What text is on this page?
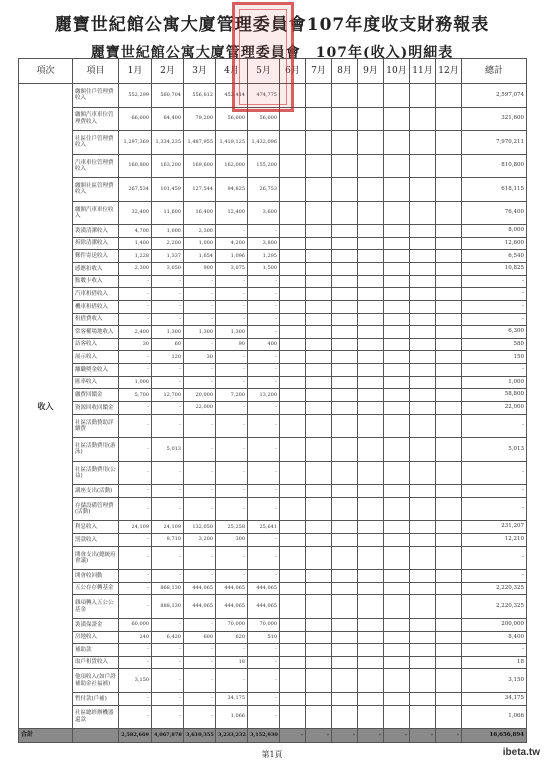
麗寶世紀館公寓大廈管理委員會107年度收支財務報表
麗寶世紀館公寓大廈管理委員會　107年(收入)明細表
項次	項目	1月	2月	3月	4月	5月	6月	7月	8月	9月	10月	11月	12月	總計
收入	繳額住戶管理費收入	552,299	560,704	556,812	452,414	474,775								2,597,074
	繳額汽車車位管理費收入	66,000	64,400	79,200	56,000	56,000								321,600
	社區住戶管理費收入	1,297,369	1,334,235	1,487,955	1,419,125	1,432,096								7,970,211
	汽車車位管理費收入	160,800	163,200	169,600	162,000	155,200								810,800
	繳額社區管理費收入	267,534	101,459	127,544	94,825	26,753								618,115
	繳額汽車車位收入	32,400	11,600	16,400	12,400	3,600								76,400
	裝潢清潔收入	4,700	1,000	2,300	-	-								8,000
	拆除清潔收入	1,400	2,200	1,000	4,200	3,800								12,600
	郵件寄送收入	1,228	1,337	1,654	1,096	1,295								6,540
	感應扣收入	2,300	3,050	900	3,075	1,500								10,825
	點數卡收入	-	-	-	-	-								-
	汽車租借收入	-	-	-	-	-								-
	機車租借收入	-	-	-	-	-								-
	租借費收入	-	-	-	-	-								-
	常客權場地收入	2,400	1,300	1,300	1,300	-								6,300
	訪客收入	30	60	-	90	400								580
	展示收入	-	120	30	-	-								150
	離職獎金收入	-	-	-	-	-								-
	匯率收入	1,000	-	-	-	-								1,000
	繳費回饋金	5,700	12,700	20,000	7,200	13,200								58,800
	資源回收回饋金	-	-	22,000	-	-								22,000
	社區活動贊助詳續費	-	-	-	-	-								-
	社區活動費用(游泳)	-	5,013	-	-	-								5,013
	社區活動費用(公益)	-	-	-	-	-								-
	講座支出(活動)	-	-	-	-	-								-
	存儲設備管理費(活動)	-	-	-	-	-								-
	利息收入	24,109	24,109	132,050	25,258	25,641								231,207
	罰款收入	-	8,710	3,200	300	-								12,210
	開會支出(總統府會議)	-	-	-	-	-								-
	開會收回動	-	-	-	-	-								-
	五公存存轉基金	-	868,130	444,065	444,065	444,065								2,220,325
	雜項轉入五公公基金	-	888,130	444,065	444,065	444,065								2,220,325
	裝潢保證金	60,000	-	-	70,000	70,000								200,000
	房地收入	240	6,420	600	620	510								8,400
	補助款	-	-	-	-	-								-
	取戶租賃收入	-	-	-	18	-								18
	他項收入(如戶證補助金社福補)	3,150	-	-	-	-								3,150
	暫付款(戶補)	-	-	-	34,175	-								34,175
	社區總經辦機器還款	-	-	-	1,066	-								1,066
合計		2,582,669	4,067,878	3,610,355	3,233,232	3,152,930	-	-	-	-	-	-	-	16,656,894
第1頁	ibeta.tw
